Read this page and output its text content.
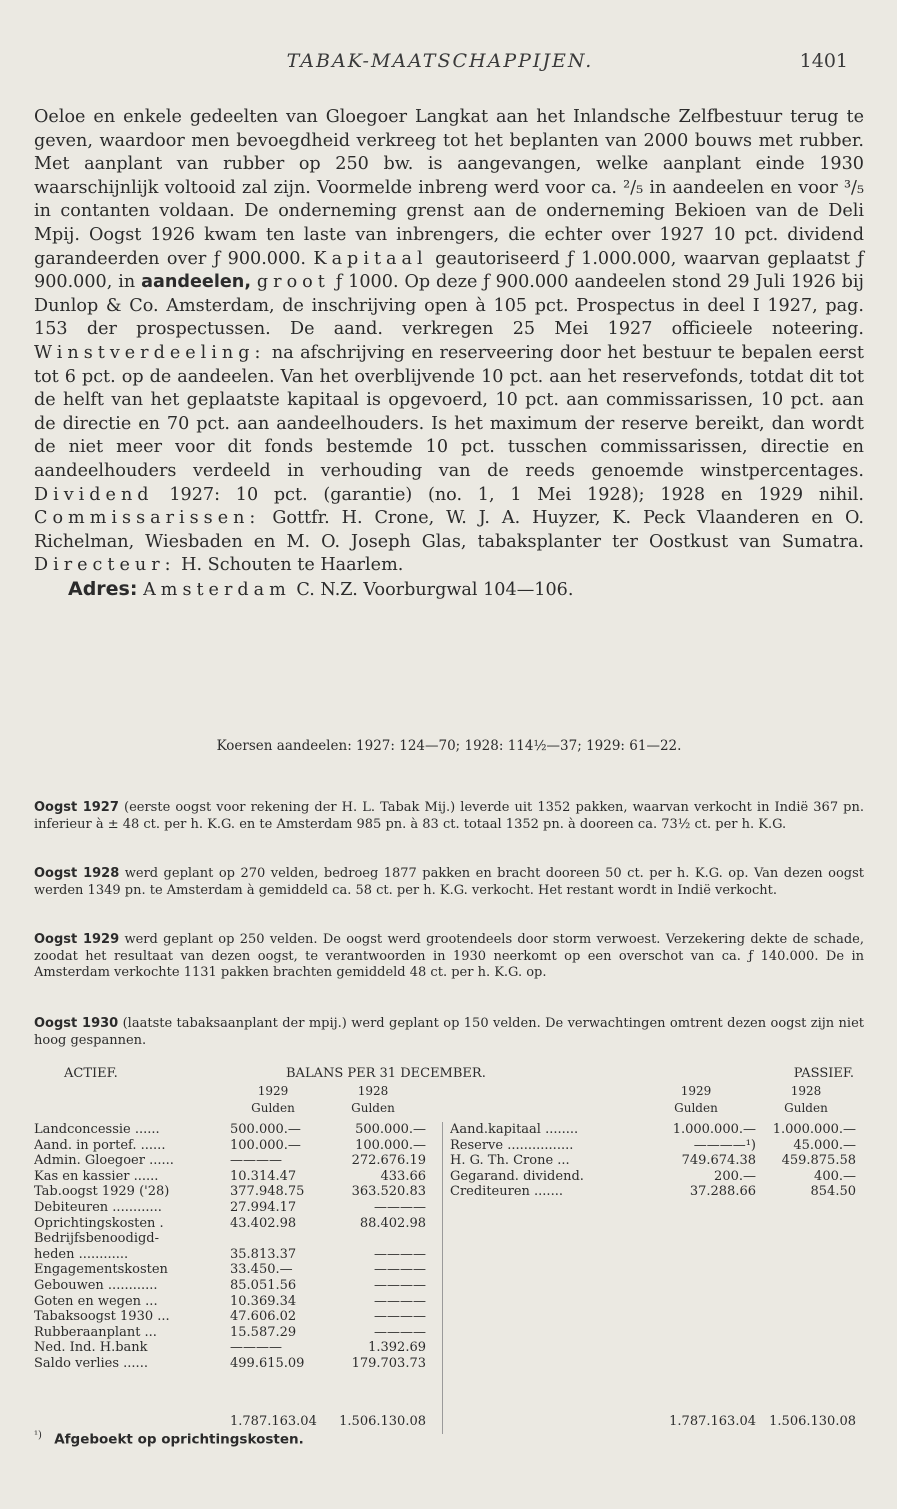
TABAK-MAATSCHAPPIJEN.	1401

Oeloe en enkele gedeelten van Gloegoer Langkat aan het Inlandsche Zelfbestuur terug te geven, waardoor men bevoegdheid verkreeg tot het beplanten van 2000 bouws met rubber. Met aanplant van rubber op 250 bw. is aangevangen, welke aanplant einde 1930 waarschijnlijk voltooid zal zijn. Voormelde inbreng werd voor ca. ²/₅ in aandeelen en voor ³/₅ in contanten voldaan. De onderneming grenst aan de onderneming Bekioen van de Deli Mpij. Oogst 1926 kwam ten laste van inbrengers, die echter over 1927 10 pct. dividend garandeerden over ƒ 900.000. Kapitaal geautoriseerd ƒ 1.000.000, waarvan geplaatst ƒ 900.000, in aandeelen, groot ƒ 1000. Op deze ƒ 900.000 aandeelen stond 29 Juli 1926 bij Dunlop & Co. Amsterdam, de inschrijving open à 105 pct. Prospectus in deel I 1927, pag. 153 der prospectussen. De aand. verkregen 25 Mei 1927 officieele noteering. Winstverdeeling: na afschrijving en reserveering door het bestuur te bepalen eerst tot 6 pct. op de aandeelen. Van het overblijvende 10 pct. aan het reservefonds, totdat dit tot de helft van het geplaatste kapitaal is opgevoerd, 10 pct. aan commissarissen, 10 pct. aan de directie en 70 pct. aan aandeelhouders. Is het maximum der reserve bereikt, dan wordt de niet meer voor dit fonds bestemde 10 pct. tusschen commissarissen, directie en aandeelhouders verdeeld in verhouding van de reeds genoemde winstpercentages. Dividend 1927: 10 pct. (garantie) (no. 1, 1 Mei 1928); 1928 en 1929 nihil. Commissarissen: Gottfr. H. Crone, W. J. A. Huyzer, K. Peck Vlaanderen en O. Richelman, Wiesbaden en M. O. Joseph Glas, tabaksplanter ter Oostkust van Sumatra. Directeur: H. Schouten te Haarlem.

Adres: Amsterdam C. N.Z. Voorburgwal 104—106.

Koersen aandeelen: 1927: 124—70; 1928: 114½—37; 1929: 61—22.

Oogst 1927 (eerste oogst voor rekening der H. L. Tabak Mij.) leverde uit 1352 pakken, waarvan verkocht in Indië 367 pn. inferieur à ± 48 ct. per h. K.G. en te Amsterdam 985 pn. à 83 ct. totaal 1352 pn. à dooreen ca. 73½ ct. per h. K.G.

Oogst 1928 werd geplant op 270 velden, bedroeg 1877 pakken en bracht dooreen 50 ct. per h. K.G. op. Van dezen oogst werden 1349 pn. te Amsterdam à gemiddeld ca. 58 ct. per h. K.G. verkocht. Het restant wordt in Indië verkocht.

Oogst 1929 werd geplant op 250 velden. De oogst werd grootendeels door storm verwoest. Verzekering dekte de schade, zoodat het resultaat van dezen oogst, te verantwoorden in 1930 neerkomt op een overschot van ca. ƒ 140.000. De in Amsterdam verkochte 1131 pakken brachten gemiddeld 48 ct. per h. K.G. op.

Oogst 1930 (laatste tabaksaanplant der mpij.) werd geplant op 150 velden. De verwachtingen omtrent dezen oogst zijn niet hoog gespannen.

ACTIEF.	BALANS PER 31 DECEMBER.	PASSIEF.
1929	1928	1929	1928
Gulden	Gulden	Gulden	Gulden
Landconcessie ......	500.000.—	500.000.—
Aand. in portef. ......	100.000.—	100.000.—
Admin. Gloegoer ......	————	272.676.19
Kas en kassier ......	10.314.47	433.66
Tab.oogst 1929 ('28)	377.948.75	363.520.83
Debiteuren ............	27.994.17	————
Oprichtingskosten .	43.402.98	88.402.98
Bedrijfsbenoodigd-
heden ............	35.813.37	————
Engagementskosten	33.450.—	————
Gebouwen ............	85.051.56	————
Goten en wegen ...	10.369.34	————
Tabaksoogst 1930 ...	47.606.02	————
Rubberaanplant ...	15.587.29	————
Ned. Ind. H.bank	————	1.392.69
Saldo verlies ......	499.615.09	179.703.73
Aand.kapitaal ........	1.000.000.—	1.000.000.—
Reserve ................	————¹)	45.000.—
H. G. Th. Crone ...	749.674.38	459.875.58
Gegarand. dividend.	200.—	400.—
Crediteuren .......	37.288.66	854.50
1.787.163.04	1.506.130.08	1.787.163.04	1.506.130.08
$^{^1)}$ Afgeboekt op oprichtingskosten.
